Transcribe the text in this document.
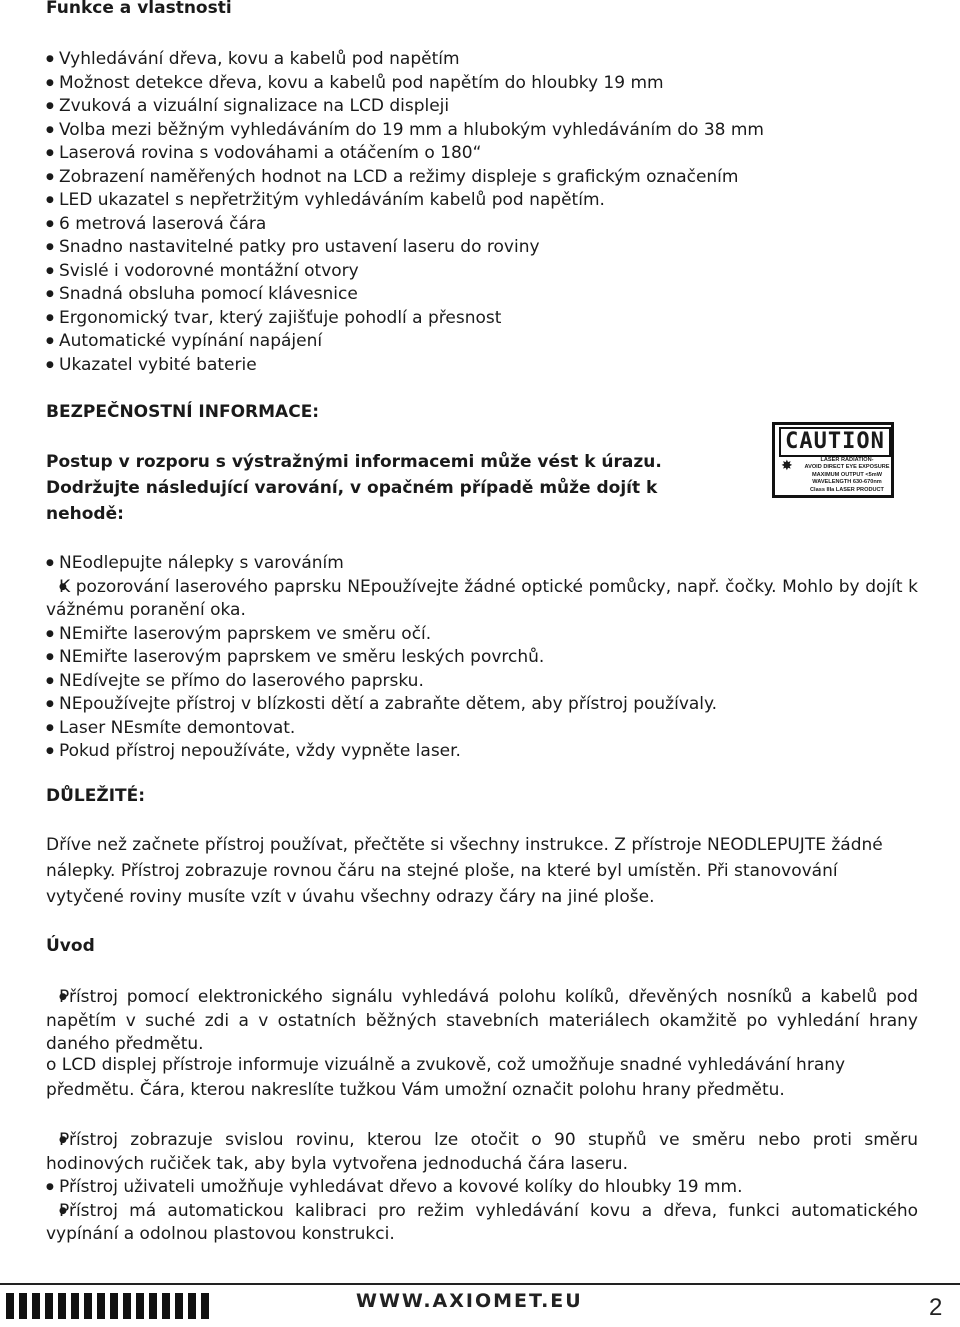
Funkce a vlastnosti
● Vyhledávání dřeva, kovu a kabelů pod napětím
● Možnost detekce dřeva, kovu a kabelů pod napětím do hloubky 19 mm
● Zvuková a vizuální signalizace na LCD displeji
● Volba mezi běžným vyhledáváním do 19 mm a hlubokým vyhledáváním do 38 mm
● Laserová rovina s vodováhami a otáčením o 180“
● Zobrazení naměřených hodnot na LCD a režimy displeje s grafickým označením
● LED ukazatel s nepřetržitým vyhledáváním kabelů pod napětím.
● 6 metrová laserová čára
● Snadno nastavitelné patky pro ustavení laseru do roviny
● Svislé i vodorovné montážní otvory
● Snadná obsluha pomocí klávesnice
● Ergonomický tvar, který zajišťuje pohodlí a přesnost
● Automatické vypínání napájení
● Ukazatel vybité baterie
BEZPEČNOSTNÍ INFORMACE:
Postup v rozporu s výstražnými informacemi může vést k úrazu. Dodržujte následující varování, v opačném případě může dojít k nehodě:
CAUTION
✸	LASER RADIATION-
AVOID DIRECT EYE EXPOSURE
MAXIMUM OUTPUT <5mW
WAVELENGTH 630-670nm
Class IIIa LASER PRODUCT
● NEodlepujte nálepky s varováním
● K pozorování laserového paprsku NEpoužívejte žádné optické pomůcky, např. čočky. Mohlo by dojít k vážnému poranění oka.
● NEmiřte laserovým paprskem ve směru očí.
● NEmiřte laserovým paprskem ve směru leských povrchů.
● NEdívejte se přímo do laserového paprsku.
● NEpoužívejte přístroj v blízkosti dětí a zabraňte dětem, aby přístroj používaly.
● Laser NEsmíte demontovat.
● Pokud přístroj nepoužíváte, vždy vypněte laser.
DŮLEŽITÉ:
Dříve než začnete přístroj používat, přečtěte si všechny instrukce. Z přístroje NEODLEPUJTE žádné nálepky. Přístroj zobrazuje rovnou čáru na stejné ploše, na které byl umístěn. Při stanovování vytyčené roviny musíte vzít v úvahu všechny odrazy čáry na jiné ploše.
Úvod
● Přístroj pomocí elektronického signálu vyhledává polohu kolíků, dřevěných nosníků a kabelů pod napětím v suché zdi a v ostatních běžných stavebních materiálech okamžitě po vyhledání hrany daného předmětu.
o LCD displej přístroje informuje vizuálně a zvukově, což umožňuje snadné vyhledávání hrany předmětu. Čára, kterou nakreslíte tužkou Vám umožní označit polohu hrany předmětu.
● Přístroj zobrazuje svislou rovinu, kterou lze otočit o 90 stupňů ve směru nebo proti směru hodinových ručiček tak, aby byla vytvořena jednoduchá čára laseru.
● Přístroj uživateli umožňuje vyhledávat dřevo a kovové kolíky do hloubky 19 mm.
● Přístroj má automatickou kalibraci pro režim vyhledávání kovu a dřeva, funkci automatického vypínání a odolnou plastovou konstrukci.
WWW.AXIOMET.EU	2
